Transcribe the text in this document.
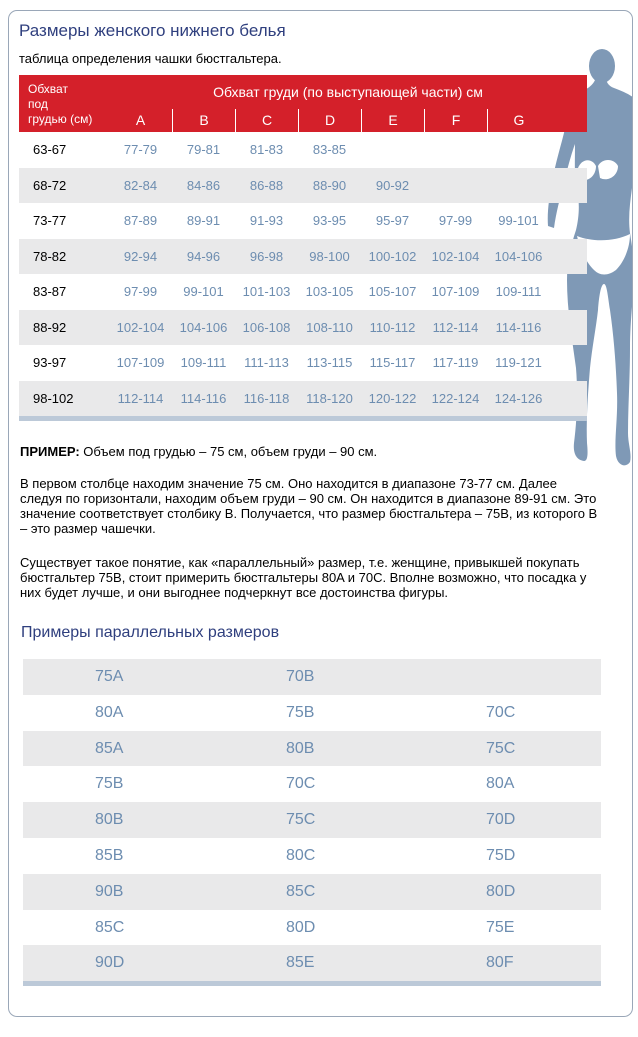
Размеры женского нижнего белья
таблица определения чашки бюстгальтера.
Обхват
под
грудью (см)
Обхват груди (по выступающей части) см
A	B	C	D	E	F	G
63-67	77-79	79-81	81-83	83-85
68-72	82-84	84-86	86-88	88-90	90-92
73-77	87-89	89-91	91-93	93-95	95-97	97-99	99-101
78-82	92-94	94-96	96-98	98-100	100-102	102-104	104-106
83-87	97-99	99-101	101-103	103-105	105-107	107-109	109-111
88-92	102-104	104-106	106-108	108-110	110-112	112-114	114-116
93-97	107-109	109-111	111-113	113-115	115-117	117-119	119-121
98-102	112-114	114-116	116-118	118-120	120-122	122-124	124-126
ПРИМЕР: Объем под грудью – 75 см, объем груди – 90 см.
В первом столбце находим значение 75 см. Оно находится в диапазоне 73-77 см. Далее следуя по горизонтали, находим объем груди – 90 см. Он находится в диапазоне 89-91 см. Это значение соответствует столбику B. Получается, что размер бюстгальтера – 75B, из которого B – это размер чашечки.
Существует такое понятие, как «параллельный» размер, т.е. женщине, привыкшей покупать бюстгальтер 75B, стоит примерить бюстгальтеры 80A и 70C. Вполне возможно, что посадка у них будет лучше, и они выгоднее подчеркнут все достоинства фигуры.
Примеры параллельных размеров
75A	70B
80A	75B	70C
85A	80B	75C
75B	70C	80A
80B	75C	70D
85B	80C	75D
90B	85C	80D
85C	80D	75E
90D	85E	80F
